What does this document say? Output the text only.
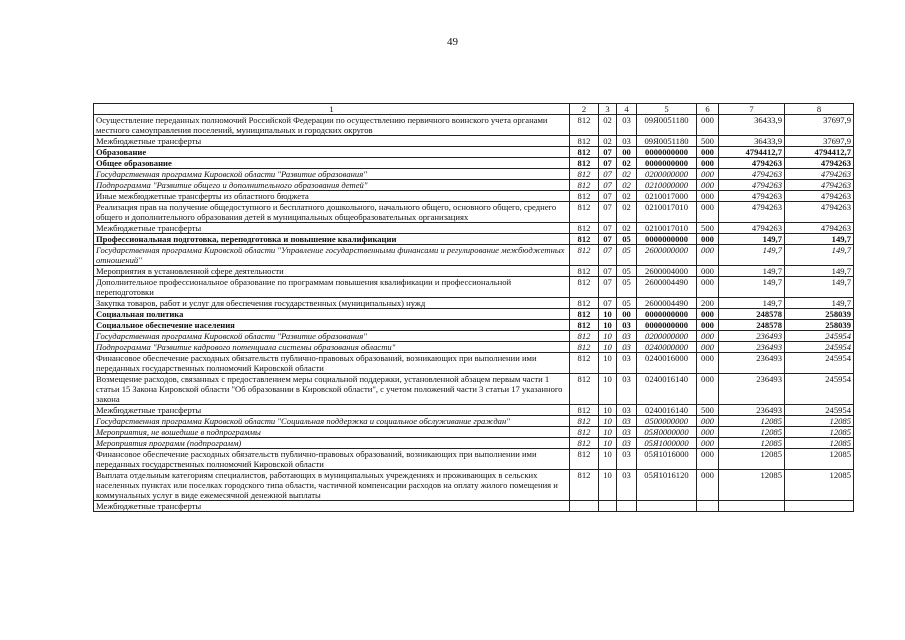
49
1	2	3	4	5	6	7	8
Осуществление переданных полномочий Российской Федерации по осуществлению первичного воинского учета органами местного самоуправления поселений, муниципальных и городских округов	812	02	03	09Я0051180	000	36433,9	37697,9
Межбюджетные трансферты	812	02	03	09Я0051180	500	36433,9	37697,9
Образование	812	07	00	0000000000	000	4794412,7	4794412,7
Общее образование	812	07	02	0000000000	000	4794263	4794263
Государственная программа Кировской области "Развитие образования"	812	07	02	0200000000	000	4794263	4794263
Подпрограмма "Развитие общего и дополнительного образования детей"	812	07	02	0210000000	000	4794263	4794263
Иные межбюджетные трансферты из областного бюджета	812	07	02	0210017000	000	4794263	4794263
Реализация прав на получение общедоступного и бесплатного дошкольного, начального общего, основного общего, среднего общего и дополнительного образования детей в муниципальных общеобразовательных организациях	812	07	02	0210017010	000	4794263	4794263
Межбюджетные трансферты	812	07	02	0210017010	500	4794263	4794263
Профессиональная подготовка, переподготовка и повышение квалификации	812	07	05	0000000000	000	149,7	149,7
Государственная программа Кировской области "Управление государственными финансами и регулирование межбюджетных отношений"	812	07	05	2600000000	000	149,7	149,7
Мероприятия в установленной сфере деятельности	812	07	05	2600004000	000	149,7	149,7
Дополнительное профессиональное образование по программам повышения квалификации и профессиональной переподготовки	812	07	05	2600004490	000	149,7	149,7
Закупка товаров, работ и услуг для обеспечения государственных (муниципальных) нужд	812	07	05	2600004490	200	149,7	149,7
Социальная политика	812	10	00	0000000000	000	248578	258039
Социальное обеспечение населения	812	10	03	0000000000	000	248578	258039
Государственная программа Кировской области "Развитие образования"	812	10	03	0200000000	000	236493	245954
Подпрограмма "Развитие кадрового потенциала системы образования области"	812	10	03	0240000000	000	236493	245954
Финансовое обеспечение расходных обязательств публично-правовых образований, возникающих при выполнении ими переданных государственных полномочий Кировской области	812	10	03	0240016000	000	236493	245954
Возмещение расходов, связанных с предоставлением меры социальной поддержки, установленной абзацем первым части 1 статьи 15 Закона Кировской области "Об образовании в Кировской области", с учетом положений части 3 статьи 17 указанного закона	812	10	03	0240016140	000	236493	245954
Межбюджетные трансферты	812	10	03	0240016140	500	236493	245954
Государственная программа Кировской области "Социальная поддержка и социальное обслуживание граждан"	812	10	03	0500000000	000	12085	12085
Мероприятия, не вошедшие в подпрограммы	812	10	03	05Я0000000	000	12085	12085
Мероприятия программ (подпрограмм)	812	10	03	05Я1000000	000	12085	12085
Финансовое обеспечение расходных обязательств публично-правовых образований, возникающих при выполнении ими переданных государственных полномочий Кировской области	812	10	03	05Я1016000	000	12085	12085
Выплата отдельным категориям специалистов, работающих в муниципальных учреждениях и проживающих в сельских населенных пунктах или поселках городского типа области, частичной компенсации расходов на оплату жилого помещения и коммунальных услуг в виде ежемесячной денежной выплаты	812	10	03	05Я1016120	000	12085	12085
Межбюджетные трансферты							
